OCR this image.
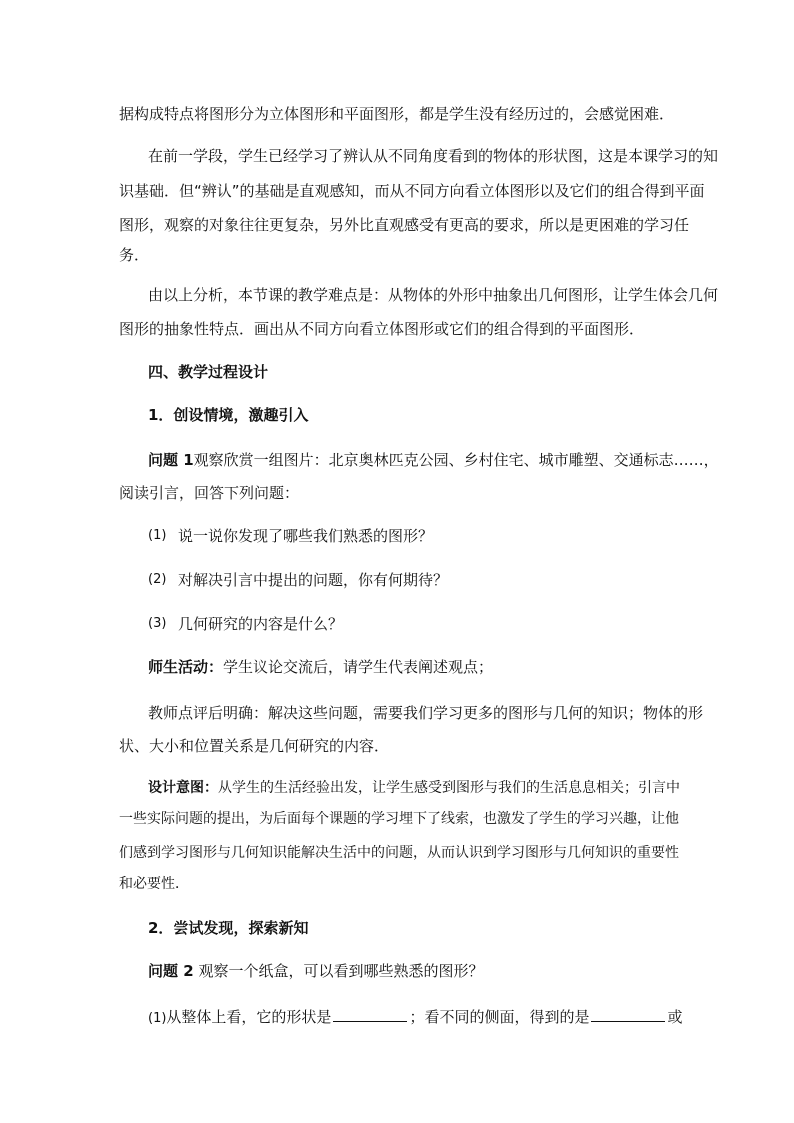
据构成特点将图形分为立体图形和平面图形，都是学生没有经历过的，会感觉困难．
在前一学段，学生已经学习了辨认从不同角度看到的物体的形状图，这是本课学习的知
识基础．但“辨认”的基础是直观感知，而从不同方向看立体图形以及它们的组合得到平面
图形，观察的对象往往更复杂，另外比直观感受有更高的要求，所以是更困难的学习任
务．
由以上分析，本节课的教学难点是：从物体的外形中抽象出几何图形，让学生体会几何
图形的抽象性特点．画出从不同方向看立体图形或它们的组合得到的平面图形．
四、教学过程设计
1．创设情境，激趣引入
问题 1观察欣赏一组图片：北京奥林匹克公园、乡村住宅、城市雕塑、交通标志……，
阅读引言，回答下列问题：
(1) 说一说你发现了哪些我们熟悉的图形？
(2) 对解决引言中提出的问题，你有何期待？
(3) 几何研究的内容是什么？
师生活动：学生议论交流后，请学生代表阐述观点；
教师点评后明确：解决这些问题，需要我们学习更多的图形与几何的知识；物体的形
状、大小和位置关系是几何研究的内容．
设计意图：从学生的生活经验出发，让学生感受到图形与我们的生活息息相关；引言中
一些实际问题的提出，为后面每个课题的学习埋下了线索，也激发了学生的学习兴趣，让他
们感到学习图形与几何知识能解决生活中的问题，从而认识到学习图形与几何知识的重要性
和必要性．
2．尝试发现，探索新知
问题 2 观察一个纸盒，可以看到哪些熟悉的图形？
(1)从整体上看，它的形状是	；看不同的侧面，得到的是	或
